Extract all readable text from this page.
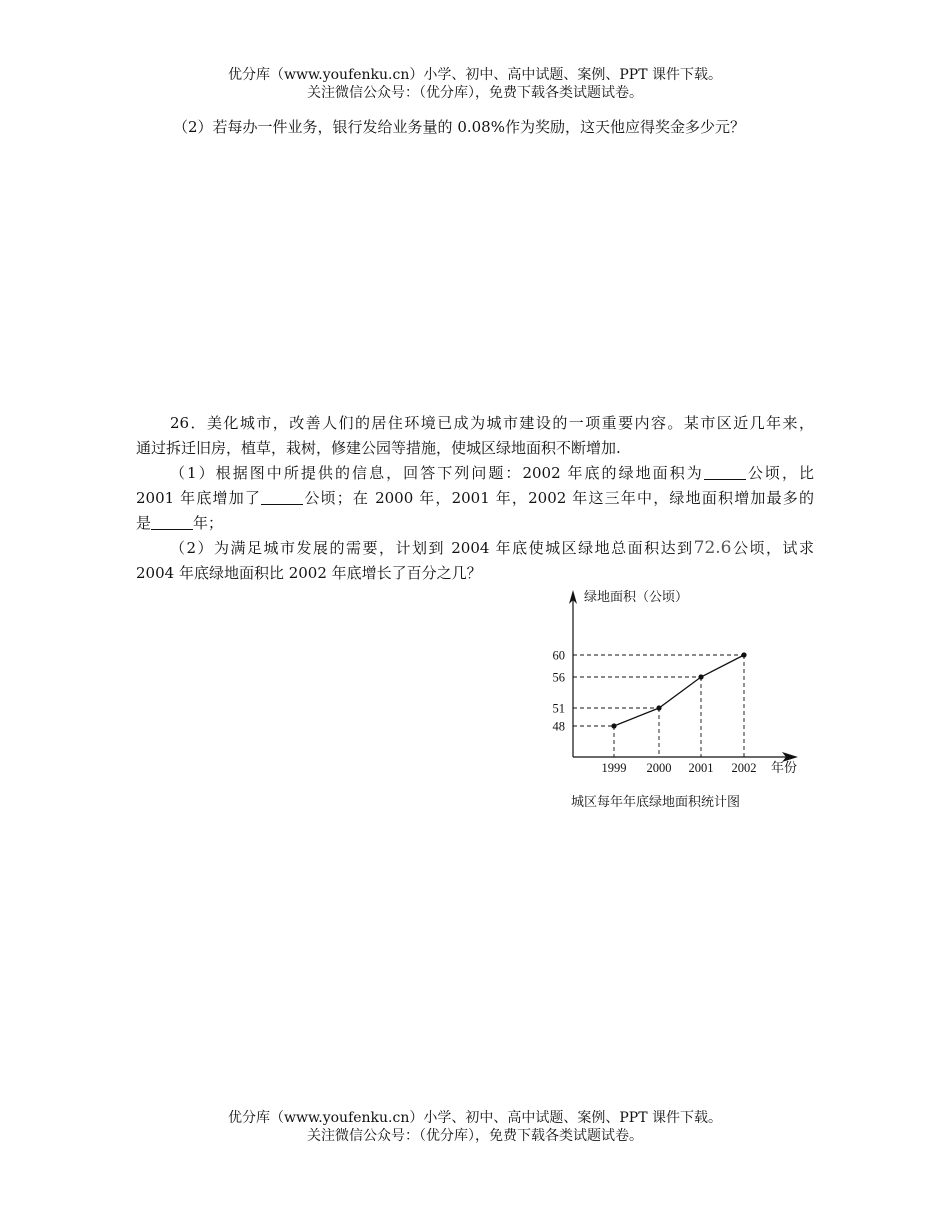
优分库（www.youfenku.cn）小学、初中、高中试题、案例、PPT 课件下载。
关注微信公众号：（优分库），免费下载各类试题试卷。
（2）若每办一件业务，银行发给业务量的 0.08%作为奖励，这天他应得奖金多少元？
26．美化城市，改善人们的居住环境已成为城市建设的一项重要内容。某市区近几年来，
通过拆迁旧房，植草，栽树，修建公园等措施，使城区绿地面积不断增加.
（1）根据图中所提供的信息，回答下列问题：2002 年底的绿地面积为	公顷，比
2001 年底增加了	公顷；在 2000 年，2001 年，2002 年这三年中，绿地面积增加最多的
是	年；
（2）为满足城市发展的需要，计划到 2004 年底使城区绿地总面积达到72.6公顷，试求
2004 年底绿地面积比 2002 年底增长了百分之几？
绿地面积（公顷）
年份
1999 2000 2001 2002
48
51
56
60
城区每年年底绿地面积统计图
优分库（www.youfenku.cn）小学、初中、高中试题、案例、PPT 课件下载。
关注微信公众号：（优分库），免费下载各类试题试卷。
